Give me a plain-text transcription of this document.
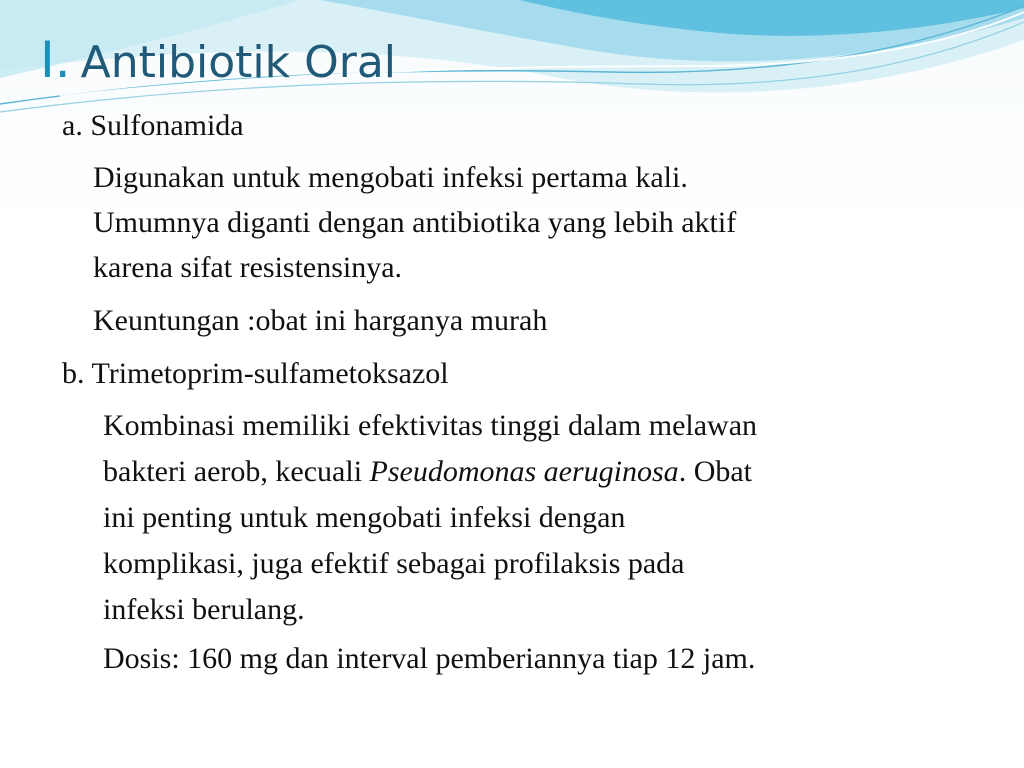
I. Antibiotik Oral

a. Sulfonamida

Digunakan untuk mengobati infeksi pertama kali.

Umumnya diganti dengan antibiotika yang lebih aktif

karena sifat resistensinya.

Keuntungan :obat ini harganya murah

b. Trimetoprim-sulfametoksazol

Kombinasi memiliki efektivitas tinggi dalam melawan
bakteri aerob, kecuali Pseudomonas aeruginosa. Obat
ini penting untuk mengobati infeksi dengan
komplikasi, juga efektif sebagai profilaksis pada
infeksi berulang.

Dosis: 160 mg dan interval pemberiannya tiap 12 jam.
